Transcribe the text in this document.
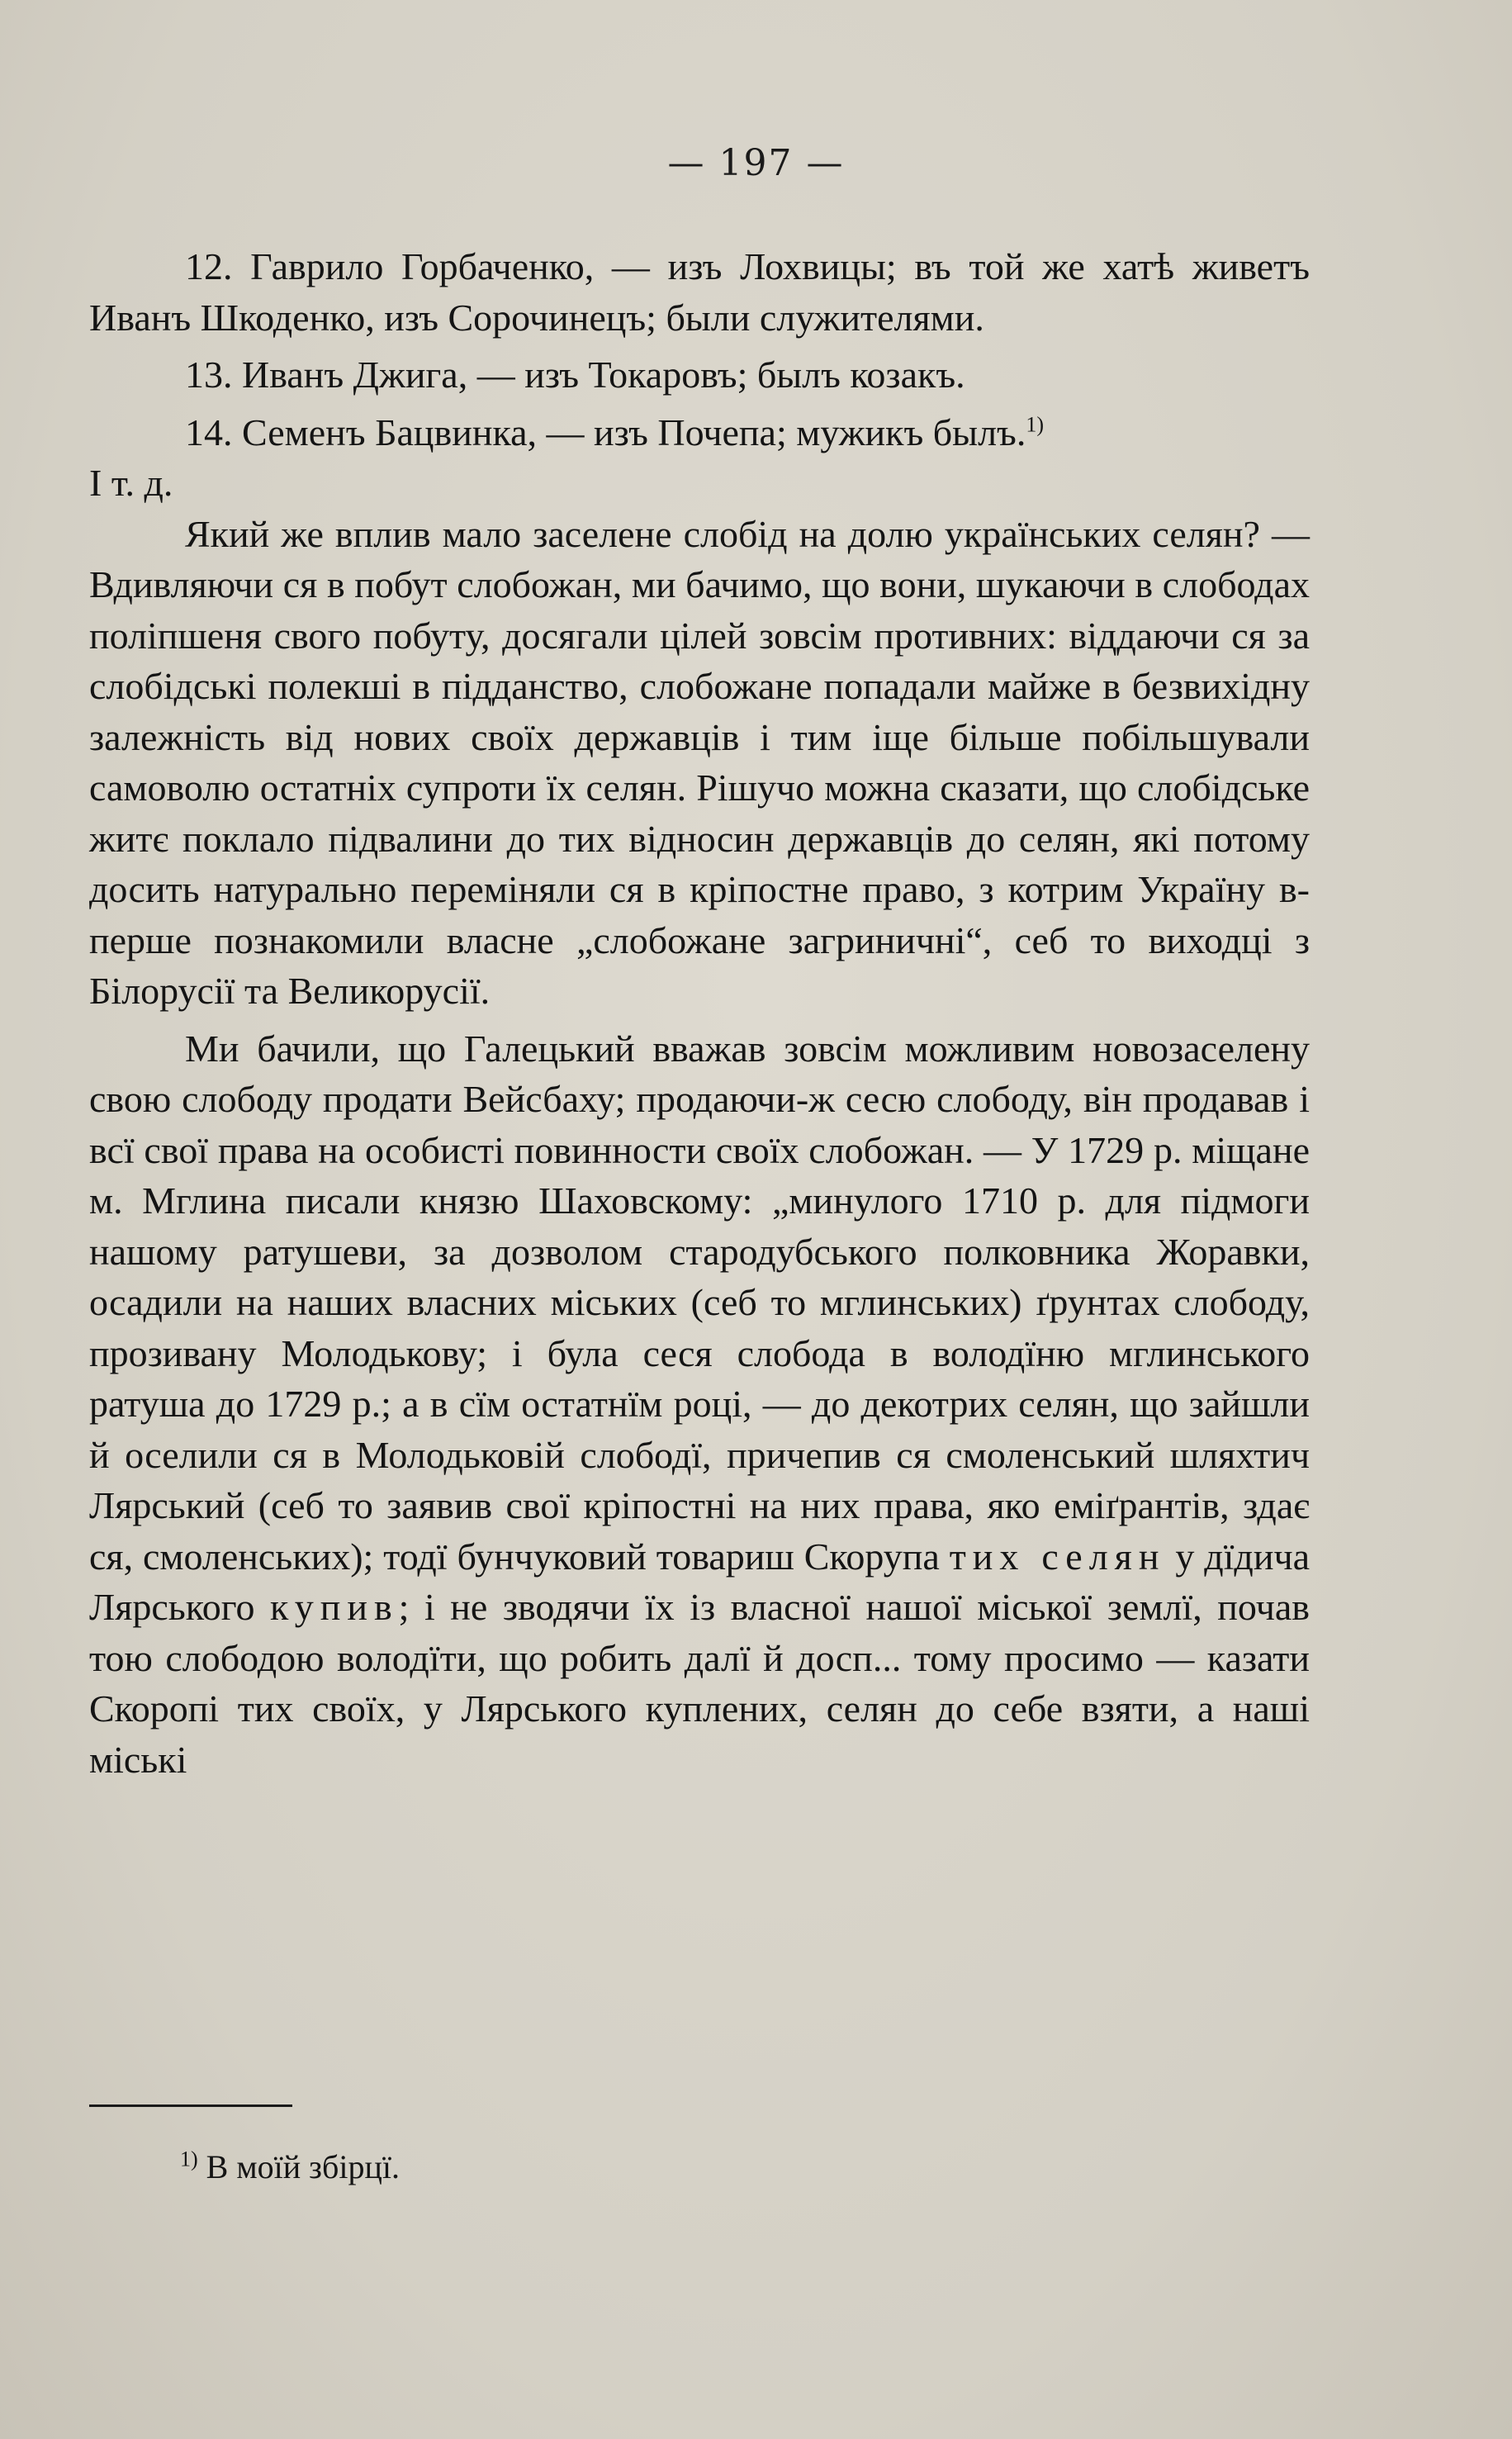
— 197 —

12. Гаврило Горбаченко, — изъ Лохвицы; въ той же хатѣ живетъ Иванъ Шкоденко, изъ Сорочинецъ; были служителями.

13. Иванъ Джига, — изъ Токаровъ; былъ козакъ.

14. Семенъ Бацвинка, — изъ Почепа; мужикъ былъ.$^{1)}$

І т. д.

Який же вплив мало заселене слобід на долю українських селян? — Вдивляючи ся в побут слобожан, ми бачимо, що вони, шукаючи в слободах поліпшеня свого побуту, досягали цілей зовсім противних: віддаючи ся за слобідські полекші в підданство, слобожане попадали майже в безвихідну залежність від нових своїх державців і тим іще більше побільшували самоволю остатніх супроти їх селян. Рішучо можна сказати, що слобідське житє поклало підвалини до тих відносин державців до селян, які потому досить натурально переміняли ся в кріпостне право, з котрим Україну в-перше познакомили власне „слобожане загриничні“, себ то виходці з Білорусії та Великорусії.

Ми бачили, що Галецький вважав зовсім можливим новозаселену свою слободу продати Вейсбаху; продаючи-ж сесю слободу, він продавав і всї свої права на особисті повинности своїх слобожан. — У 1729 р. міщане м. Мглина писали князю Шаховскому: „минулого 1710 р. для підмоги нашому ратушеви, за дозволом стародубського полковника Жоравки, осадили на наших власних міських (себ то мглинських) ґрунтах слободу, прозивану Молодькову; і була сеся слобода в володїню мглинського ратуша до 1729 р.; а в сїм остатнїм році, — до декотрих селян, що зайшли й оселили ся в Молодьковій слободї, причепив ся смоленський шляхтич Лярський (себ то заявив свої кріпостні на них права, яко еміґрантів, здає ся, смоленських); тодї бунчуковий товариш Скорупа тих селян у дїдича Лярського купив; і не зводячи їх із власної нашої міської землї, почав тою слободою володїти, що робить далї й досп... тому просимо — казати Скоропі тих своїх, у Лярського куплених, селян до себе взяти, а наші міські

$^{1)}$ В моїй збірцї.
